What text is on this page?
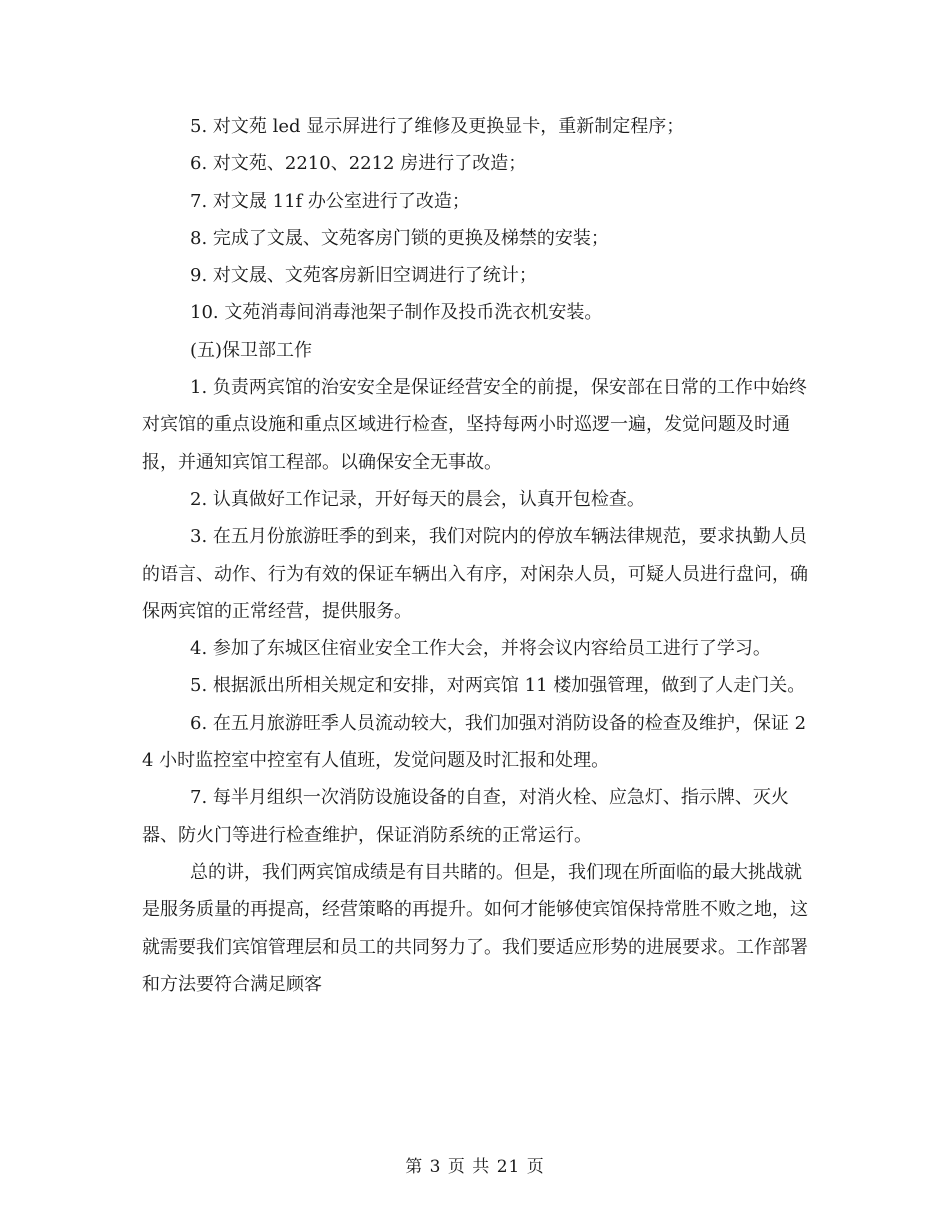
5. 对文苑 led 显示屏进行了维修及更换显卡，重新制定程序；

6. 对文苑、2210、2212 房进行了改造；

7. 对文晟 11f 办公室进行了改造；

8. 完成了文晟、文苑客房门锁的更换及梯禁的安装；

9. 对文晟、文苑客房新旧空调进行了统计；

10. 文苑消毒间消毒池架子制作及投币洗衣机安装。

(五)保卫部工作

1. 负责两宾馆的治安安全是保证经营安全的前提，保安部在日常的工作中始终对宾馆的重点设施和重点区域进行检查，坚持每两小时巡逻一遍，发觉问题及时通报，并通知宾馆工程部。以确保安全无事故。

2. 认真做好工作记录，开好每天的晨会，认真开包检查。

3. 在五月份旅游旺季的到来，我们对院内的停放车辆法律规范，要求执勤人员的语言、动作、行为有效的保证车辆出入有序，对闲杂人员，可疑人员进行盘问，确保两宾馆的正常经营，提供服务。

4. 参加了东城区住宿业安全工作大会，并将会议内容给员工进行了学习。

5. 根据派出所相关规定和安排，对两宾馆 11 楼加强管理，做到了人走门关。

6. 在五月旅游旺季人员流动较大，我们加强对消防设备的检查及维护，保证 24 小时监控室中控室有人值班，发觉问题及时汇报和处理。

7. 每半月组织一次消防设施设备的自查，对消火栓、应急灯、指示牌、灭火器、防火门等进行检查维护，保证消防系统的正常运行。

总的讲，我们两宾馆成绩是有目共睹的。但是，我们现在所面临的最大挑战就是服务质量的再提高，经营策略的再提升。如何才能够使宾馆保持常胜不败之地，这就需要我们宾馆管理层和员工的共同努力了。我们要适应形势的进展要求。工作部署和方法要符合满足顾客

第 3 页 共 21 页
